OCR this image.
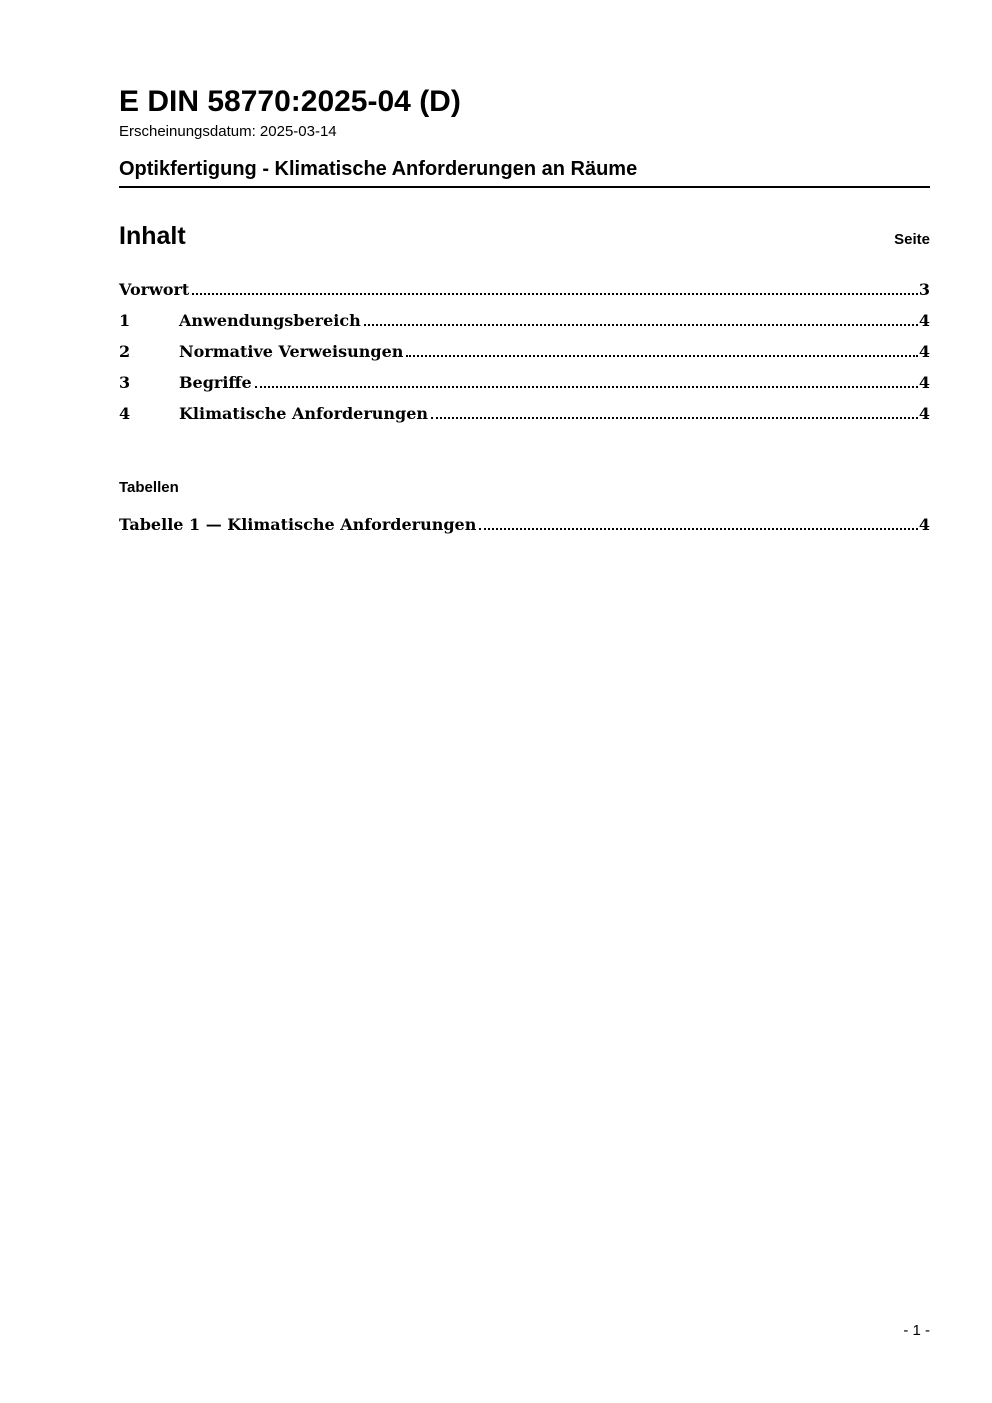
E DIN 58770:2025-04 (D)
Erscheinungsdatum: 2025-03-14
Optikfertigung - Klimatische Anforderungen an Räume
Inhalt	Seite
Vorwort	3
1	Anwendungsbereich	4
2	Normative Verweisungen	4
3	Begriffe	4
4	Klimatische Anforderungen	4
Tabellen
Tabelle 1 — Klimatische Anforderungen	4
- 1 -
